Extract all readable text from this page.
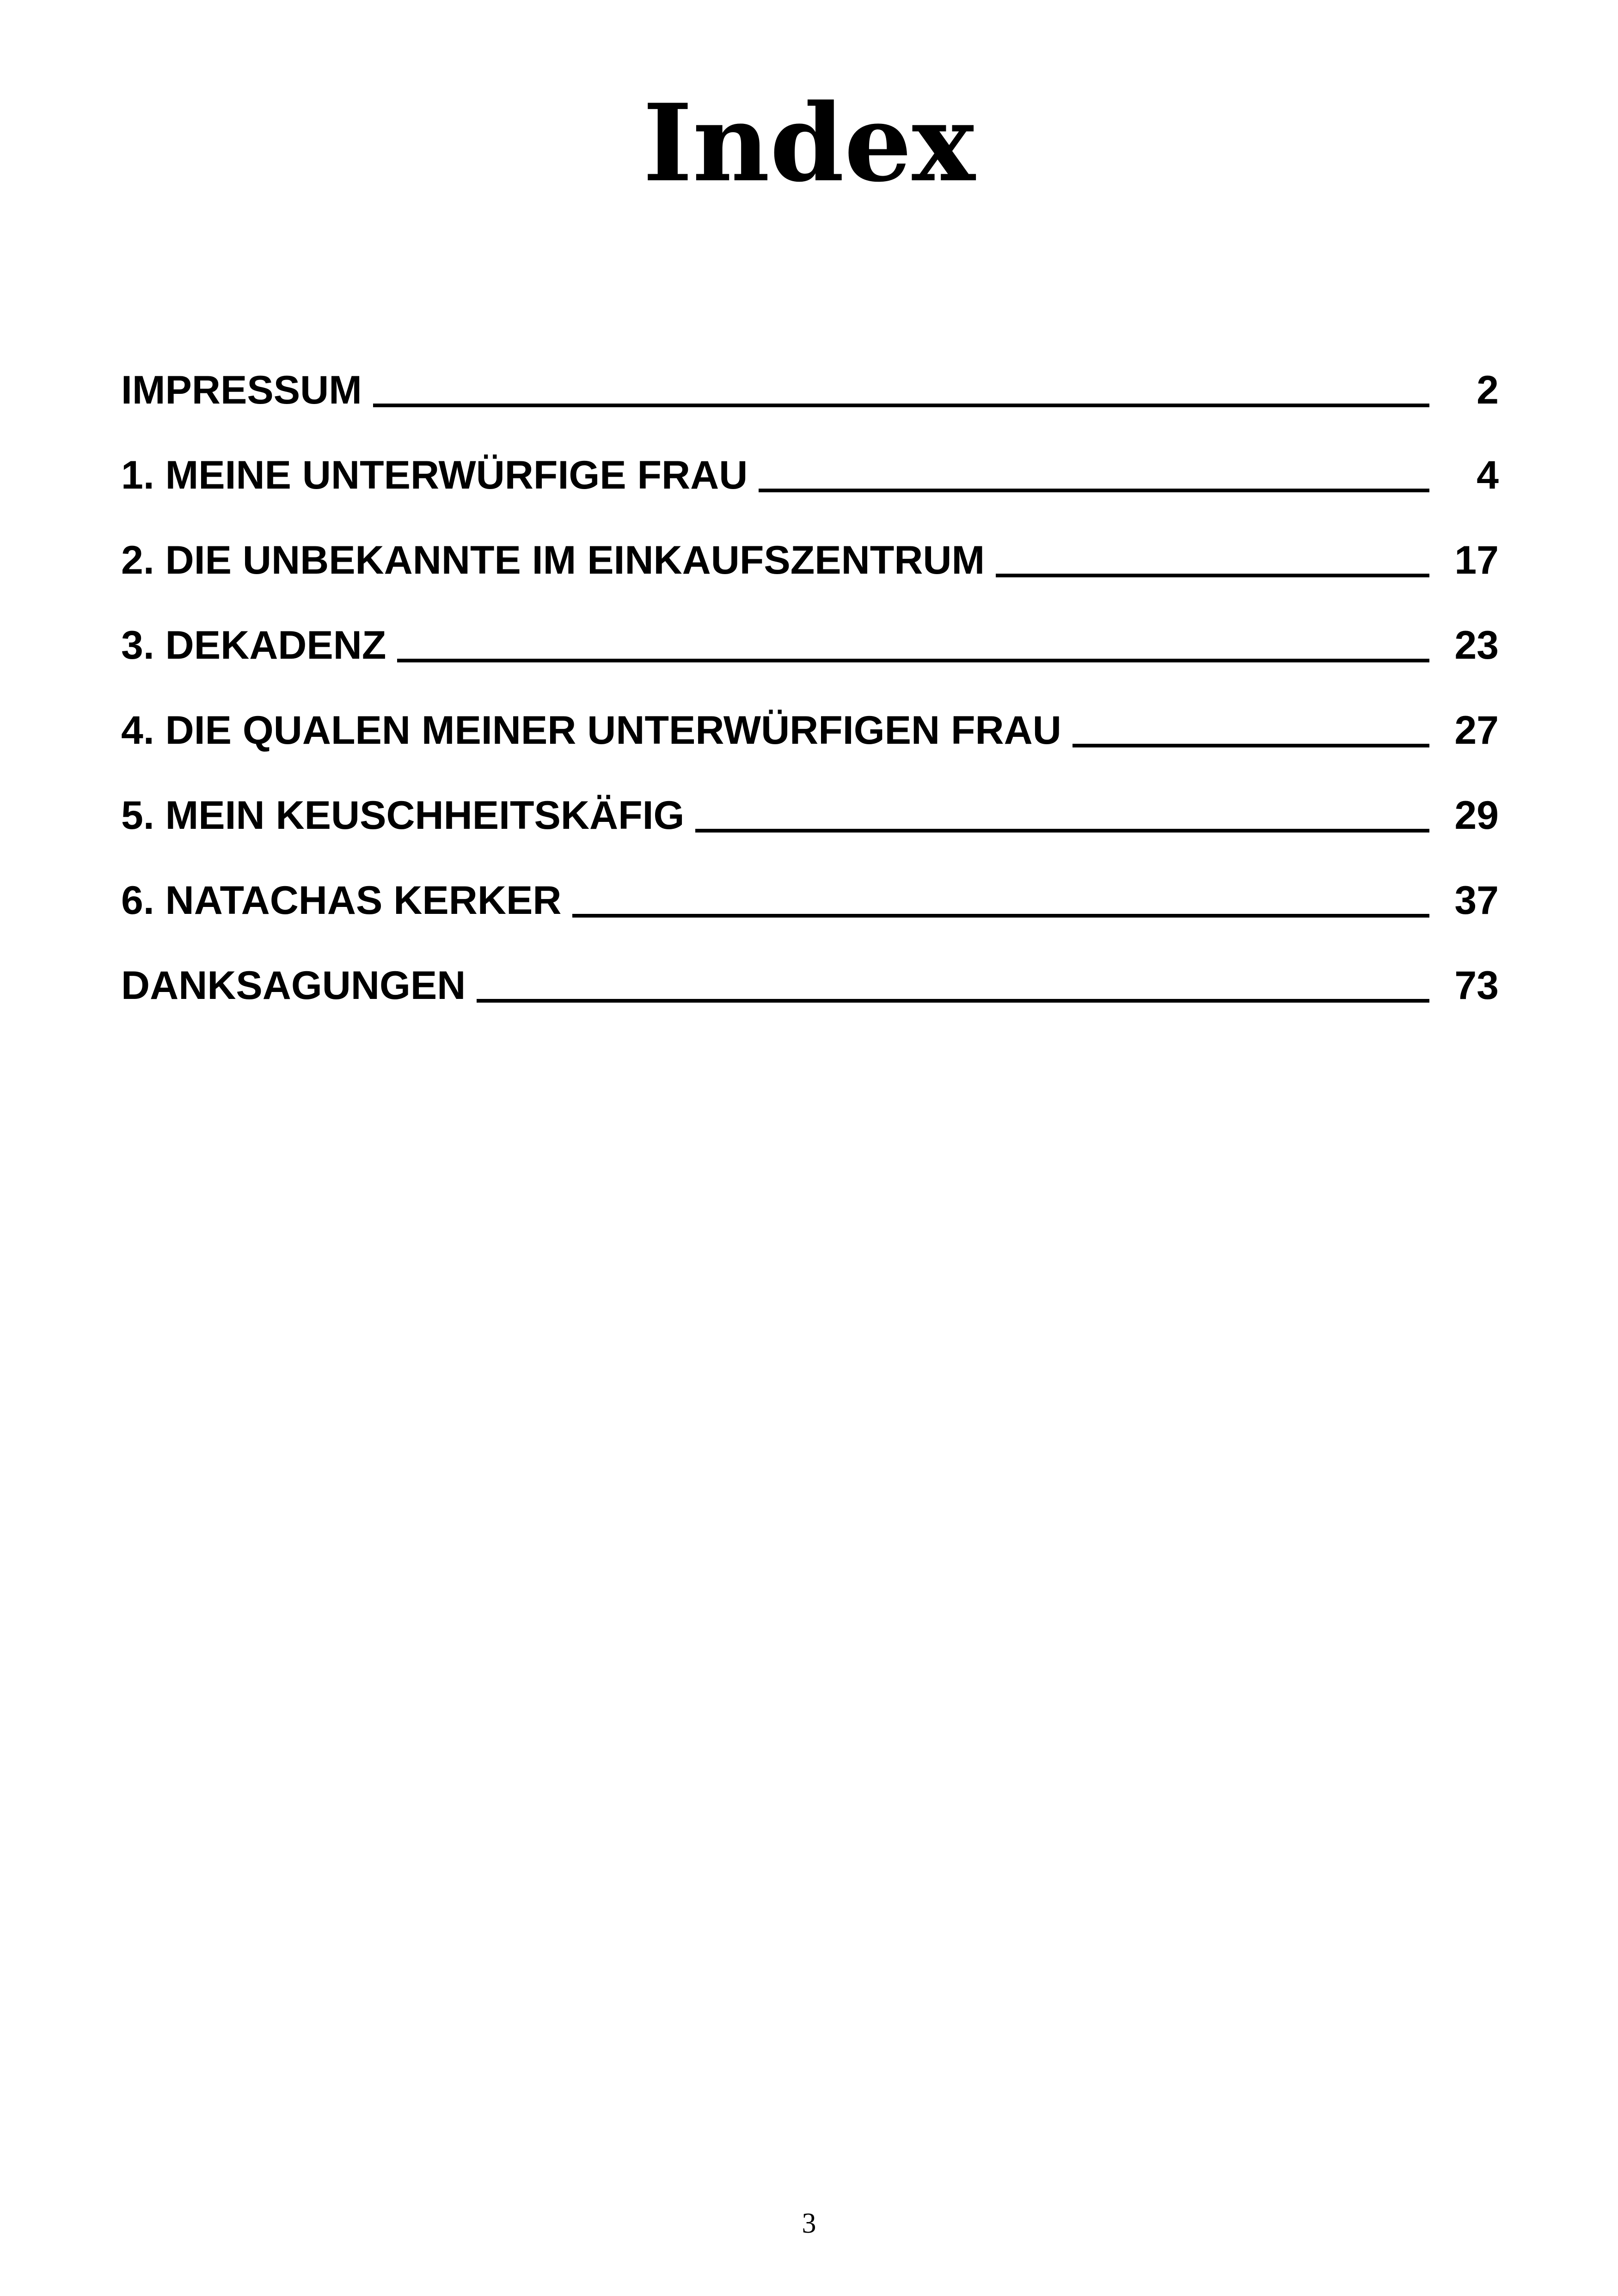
Index
IMPRESSUM	2
1. MEINE UNTERWÜRFIGE FRAU	4
2. DIE UNBEKANNTE IM EINKAUFSZENTRUM	17
3. DEKADENZ	23
4. DIE QUALEN MEINER UNTERWÜRFIGEN FRAU	27
5. MEIN KEUSCHHEITSKÄFIG	29
6. NATACHAS KERKER	37
DANKSAGUNGEN	73
3
